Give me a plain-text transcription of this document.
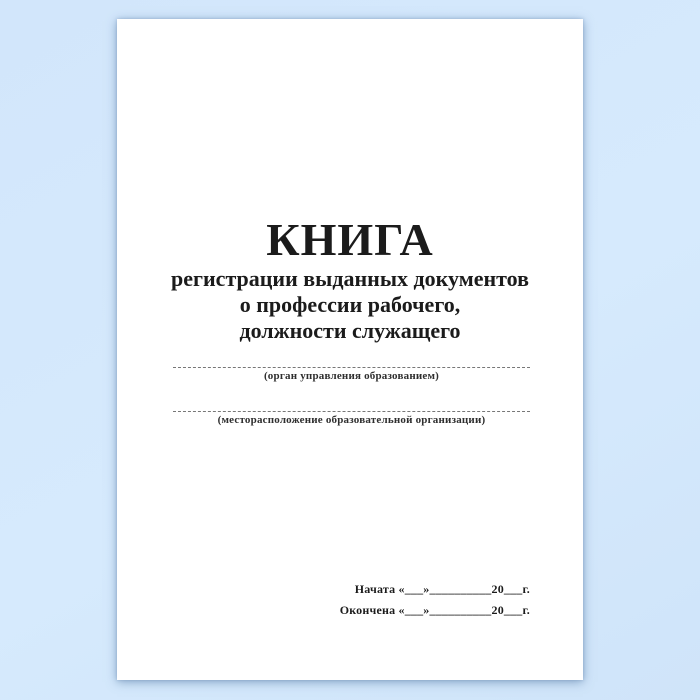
КНИГА
регистрации выданных документов
о профессии рабочего,
должности служащего
(орган управления образованием)
(месторасположение образовательной организации)
Начата «___»__________20___г.
Окончена «___»__________20___г.
